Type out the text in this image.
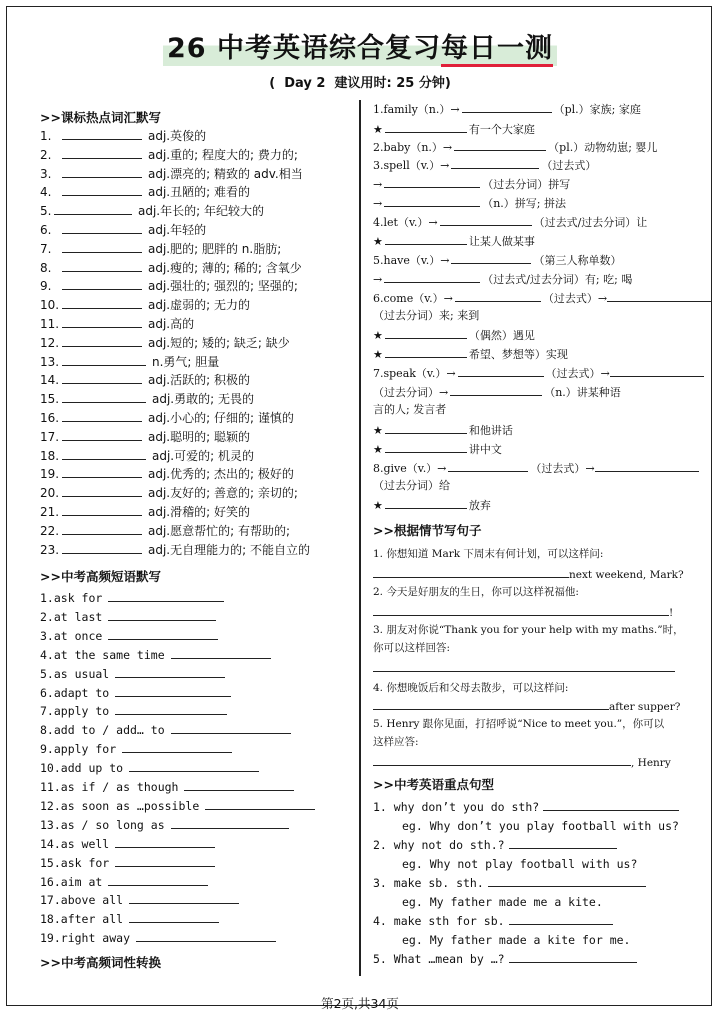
26 中考英语综合复习每日一测
(  Day 2  建议用时: 25 分钟)
>>课标热点词汇默写
1.	adj.英俊的
2.	adj.重的; 程度大的; 费力的;
3.	adj.漂亮的; 精致的 adv.相当
4.	adj.丑陋的; 难看的
5.	adj.年长的; 年纪较大的
6.	adj.年轻的
7.	adj.肥的; 肥胖的 n.脂肪;
8.	adj.瘦的; 薄的; 稀的; 含氧少
9.	adj.强壮的; 强烈的; 坚强的;
10.	adj.虚弱的; 无力的
11.	adj.高的
12.	adj.短的; 矮的; 缺乏; 缺少
13.	n.勇气; 胆量
14.	adj.活跃的; 积极的
15.	adj.勇敢的; 无畏的
16.	adj.小心的; 仔细的; 谨慎的
17.	adj.聪明的; 聪颖的
18.	adj.可爱的; 机灵的
19.	adj.优秀的; 杰出的; 极好的
20.	adj.友好的; 善意的; 亲切的;
21.	adj.滑稽的; 好笑的
22.	adj.愿意帮忙的; 有帮助的;
23.	adj.无自理能力的; 不能自立的
>>中考高频短语默写
1.ask for
2.at last
3.at once
4.at the same time
5.as usual
6.adapt to
7.apply to
8.add to / add… to
9.apply for
10.add up to
11.as if / as though
12.as soon as …possible
13.as / so long as
14.as well
15.ask for
16.aim at
17.above all
18.after all
19.right away
>>中考高频词性转换
1.family（n.）→	（pl.）家族; 家庭
★	有一个大家庭
2.baby（n.）→	（pl.）动物幼崽; 婴儿
3.spell（v.）→	（过去式）
→	（过去分词）拼写
→	（n.）拼写; 拼法
4.let（v.）→	（过去式/过去分词）让
★	让某人做某事
5.have（v.）→	（第三人称单数）
→	（过去式/过去分词）有; 吃; 喝
6.come（v.）→	（过去式）→
（过去分词）来; 来到
★	（偶然）遇见
★	希望、梦想等）实现
7.speak（v.）→	（过去式）→
（过去分词）→	（n.）讲某种语
言的人; 发言者
★	和他讲话
★	讲中文
8.give（v.）→	（过去式）→
（过去分词）给
★	放弃
>>根据情节写句子
1. 你想知道 Mark 下周末有何计划，可以这样问:
next weekend, Mark?
2. 今天是好朋友的生日，你可以这样祝福他:
!
3. 朋友对你说“Thank you for your help with my maths.”时，
你可以这样回答:
4. 你想晚饭后和父母去散步，可以这样问:
after supper?
5. Henry 跟你见面，打招呼说“Nice to meet you.”，你可以
这样应答:
, Henry
>>中考英语重点句型
1. why don’t you do sth?
eg. Why don’t you play football with us?
2. why not do sth.?
eg. Why not play football with us?
3. make sb. sth.
eg. My father made me a kite.
4. make sth for sb.
eg. My father made a kite for me.
5. What …mean by …?
第2页,共34页
